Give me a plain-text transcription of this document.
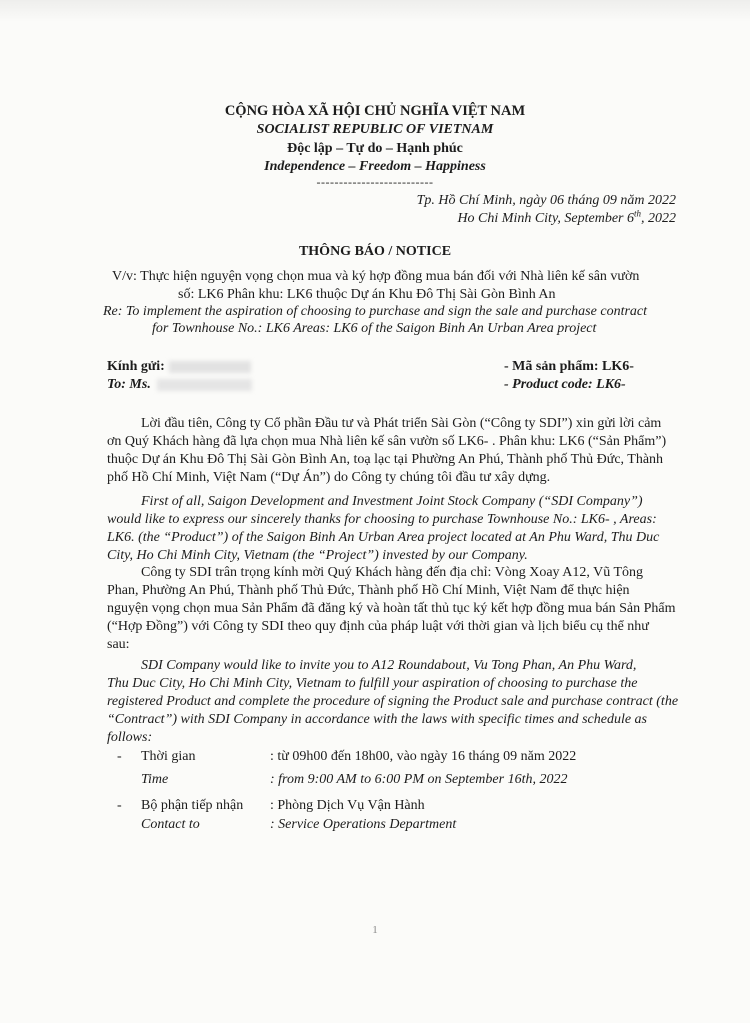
CỘNG HÒA XÃ HỘI CHỦ NGHĨA VIỆT NAM
SOCIALIST REPUBLIC OF VIETNAM
Độc lập – Tự do – Hạnh phúc
Independence – Freedom – Happiness
--------------------------
Tp. Hồ Chí Minh, ngày 06 tháng 09 năm 2022
Ho Chi Minh City, September 6th, 2022
THÔNG BÁO / NOTICE
V/v: Thực hiện nguyện vọng chọn mua và ký hợp đồng mua bán đối với Nhà liên kế sân vườn
số: LK6 Phân khu: LK6 thuộc Dự án Khu Đô Thị Sài Gòn Bình An
Re: To implement the aspiration of choosing to purchase and sign the sale and purchase contract
for Townhouse No.: LK6 Areas: LK6 of the Saigon Binh An Urban Area project
Kính gửi:
To: Ms.
- Mã sản phẩm: LK6-
- Product code: LK6-
Lời đầu tiên, Công ty Cổ phần Đầu tư và Phát triển Sài Gòn (“Công ty SDI”) xin gửi lời cảm
ơn Quý Khách hàng đã lựa chọn mua Nhà liên kế sân vườn số LK6- . Phân khu: LK6 (“Sản Phẩm”)
thuộc Dự án Khu Đô Thị Sài Gòn Bình An, toạ lạc tại Phường An Phú, Thành phố Thủ Đức, Thành
phố Hồ Chí Minh, Việt Nam (“Dự Án”) do Công ty chúng tôi đầu tư xây dựng.
First of all, Saigon Development and Investment Joint Stock Company (“SDI Company”)
would like to express our sincerely thanks for choosing to purchase Townhouse No.: LK6- , Areas:
LK6. (the “Product”) of the Saigon Binh An Urban Area project located at An Phu Ward, Thu Duc
City, Ho Chi Minh City, Vietnam (the “Project”) invested by our Company.
Công ty SDI trân trọng kính mời Quý Khách hàng đến địa chỉ: Vòng Xoay A12, Vũ Tông
Phan, Phường An Phú, Thành phố Thủ Đức, Thành phố Hồ Chí Minh, Việt Nam để thực hiện
nguyện vọng chọn mua Sản Phẩm đã đăng ký và hoàn tất thủ tục ký kết hợp đồng mua bán Sản Phẩm
(“Hợp Đồng”) với Công ty SDI theo quy định của pháp luật với thời gian và lịch biểu cụ thể như
sau:
SDI Company would like to invite you to A12 Roundabout, Vu Tong Phan, An Phu Ward,
Thu Duc City, Ho Chi Minh City, Vietnam to fulfill your aspiration of choosing to purchase the
registered Product and complete the procedure of signing the Product sale and purchase contract (the
“Contract”) with SDI Company in accordance with the laws with specific times and schedule as
follows:
- Thời gian	: từ 09h00 đến 18h00, vào ngày 16 tháng 09 năm 2022
Time	: from 9:00 AM to 6:00 PM on September 16th, 2022
- Bộ phận tiếp nhận : Phòng Dịch Vụ Vận Hành
Contact to	: Service Operations Department
1
